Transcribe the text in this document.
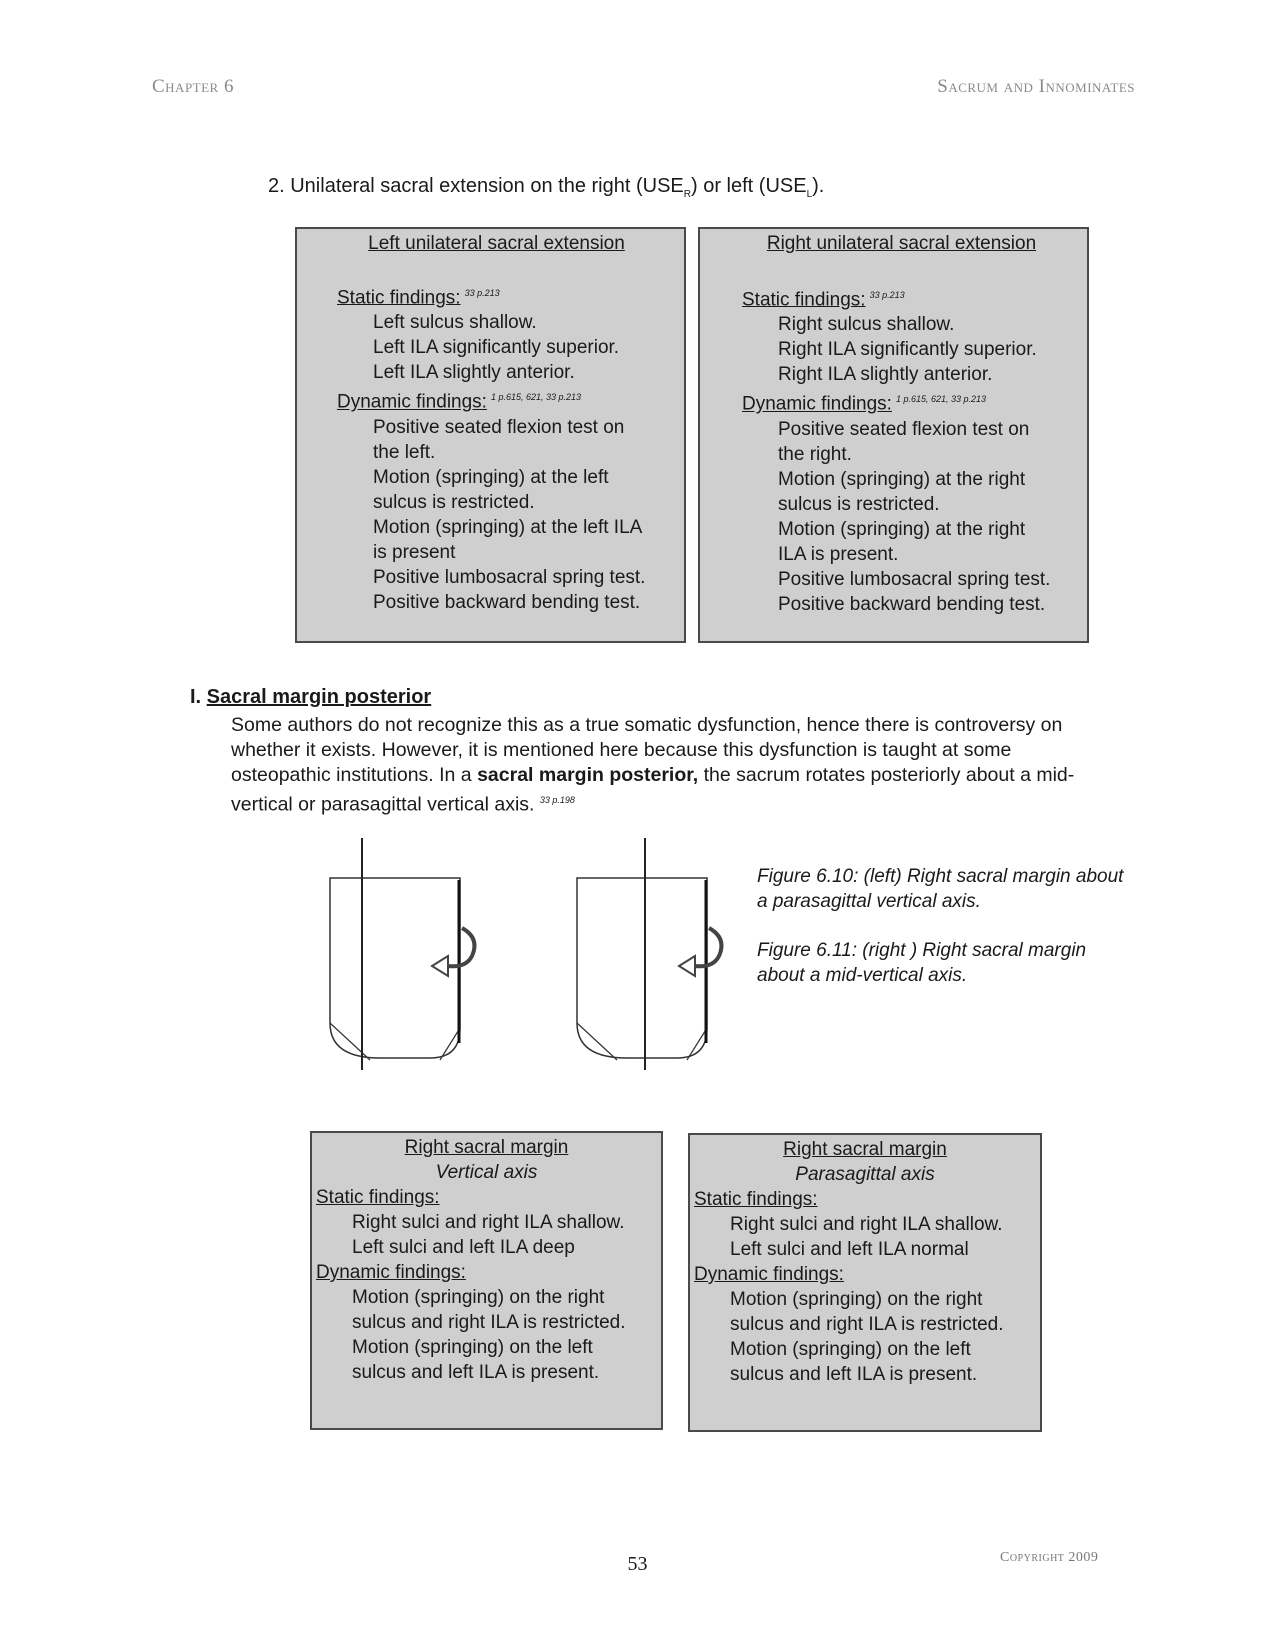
Chapter 6	Sacrum and Innominates
2. Unilateral sacral extension on the right $(USE_R)$ or left $(USE_L)$.
Left unilateral sacral extension
Static findings: $^{33 p.213}$
Left sulcus shallow.
Left ILA significantly superior.
Left ILA slightly anterior.
Dynamic findings: $^{1 p.615, 621, 33 p.213}$
Positive seated flexion test on
the left.
Motion (springing) at the left
sulcus is restricted.
Motion (springing) at the left ILA
is present
Positive lumbosacral spring test.
Positive backward bending test.
Right unilateral sacral extension
Static findings: $^{33 p.213}$
Right sulcus shallow.
Right ILA significantly superior.
Right ILA slightly anterior.
Dynamic findings: $^{1 p.615, 621, 33 p.213}$
Positive seated flexion test on
the right.
Motion (springing) at the right
sulcus is restricted.
Motion (springing) at the right
ILA is present.
Positive lumbosacral spring test.
Positive backward bending test.
I. Sacral margin posterior
Some authors do not recognize this as a true somatic dysfunction, hence there is controversy on whether it exists. However, it is mentioned here because this dysfunction is taught at some osteopathic institutions. In a sacral margin posterior, the sacrum rotates posteriorly about a mid-vertical or parasagittal vertical axis. $^{33 p.198}$
Figure 6.10: (left) Right sacral margin about a parasagittal vertical axis.
Figure 6.11: (right ) Right sacral margin about a mid-vertical axis.
Right sacral margin
Vertical axis
Static findings:
Right sulci and right ILA shallow.
Left sulci and left ILA deep
Dynamic findings:
Motion (springing) on the right
sulcus and right ILA is restricted.
Motion (springing) on the left
sulcus and left ILA is present.
Right sacral margin
Parasagittal axis
Static findings:
Right sulci and right ILA shallow.
Left sulci and left ILA normal
Dynamic findings:
Motion (springing) on the right
sulcus and right ILA is restricted.
Motion (springing) on the left
sulcus and left ILA is present.
53	Copyright 2009
